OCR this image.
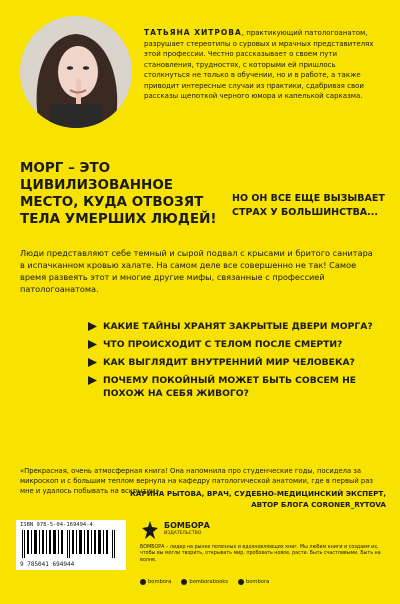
ТАТЬЯНА ХИТРОВА, практикующий патологоанатом, разрушает стереотипы о суровых и мрачных представителях этой профессии. Честно рассказывает о своем пути становления, трудностях, с которыми ей пришлось столкнуться не только в обучении, но и в работе, а также приводит интересные случаи из практики, сдабривая свои рассказы щепоткой черного юмора и капелькой сарказма.

МОРГ – ЭТО ЦИВИЛИЗОВАННОЕ МЕСТО, КУДА ОТВОЗЯТ ТЕЛА УМЕРШИХ ЛЮДЕЙ!

НО ОН ВСЕ ЕЩЕ ВЫЗЫВАЕТ СТРАХ У БОЛЬШИНСТВА...

Люди представляют себе темный и сырой подвал с крысами и бритого санитара в испачканном кровью халате. На самом деле все совершенно не так! Самое время развеять этот и многие другие мифы, связанные с профессией патологоанатома.

КАКИЕ ТАЙНЫ ХРАНЯТ ЗАКРЫТЫЕ ДВЕРИ МОРГА?
ЧТО ПРОИСХОДИТ С ТЕЛОМ ПОСЛЕ СМЕРТИ?
КАК ВЫГЛЯДИТ ВНУТРЕННИЙ МИР ЧЕЛОВЕКА?
ПОЧЕМУ ПОКОЙНЫЙ МОЖЕТ БЫТЬ СОВСЕМ НЕ ПОХОЖ НА СЕБЯ ЖИВОГО?

«Прекрасная, очень атмосферная книга! Она напомнила про студенческие годы, посидела за микроскоп и с большим теплом вернула на кафедру патологической анатомии, где в первый раз мне и удалось побывать на вскрытии».

КАРИНА РЫТОВА, ВРАЧ, СУДЕБНО-МЕДИЦИНСКИЙ ЭКСПЕРТ,
АВТОР БЛОГА CORONER_RYTOVA

ISBN 978-5-04-169494-4
9 785041 694944
БОМБОРА
ИЗДАТЕЛЬСТВО

БОМБОРА – лидер на рынке полезных и вдохновляющих книг. Мы любим книги и создаем их, чтобы вы могли творить, открывать мир, пробовать новое, расти. Быть счастливыми. Быть на волне.

bombora	bomborabooks	bombora
